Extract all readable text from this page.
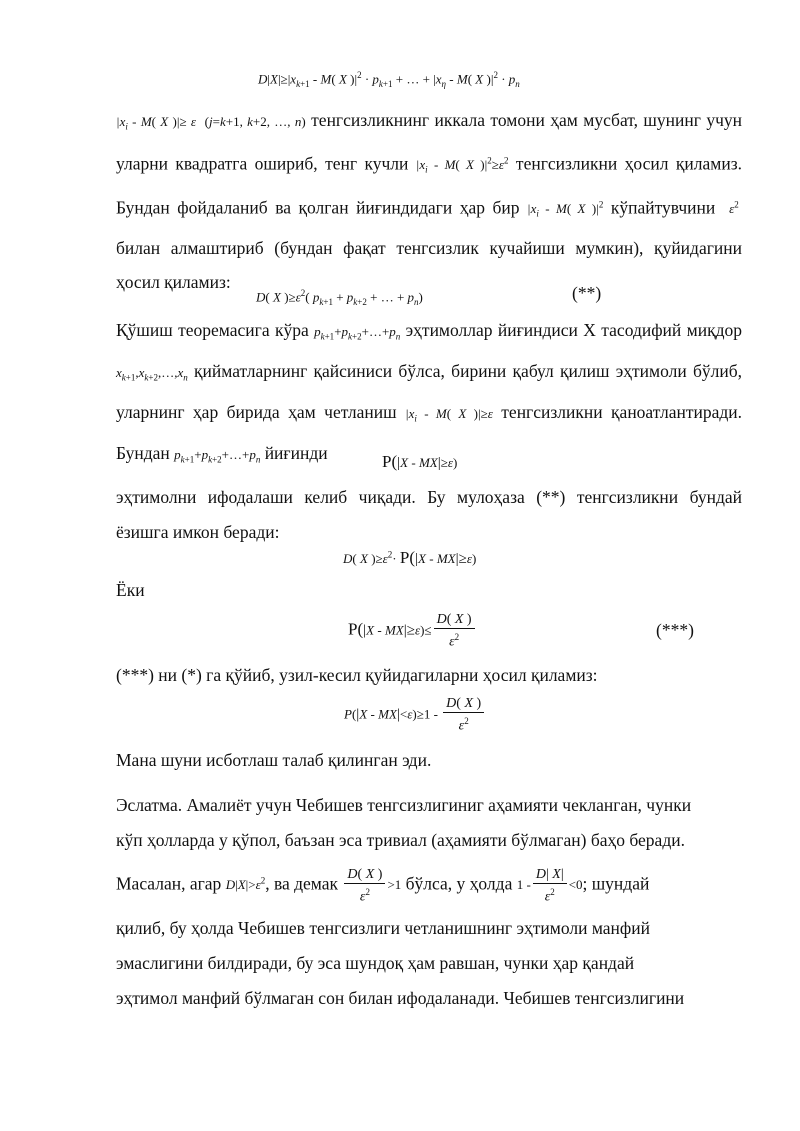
$D|X|\ge|x_{k+1} - M$( X )$|^2 \cdot p_{k+1}$ + … + $|x_\eta - M$( X )$|^2 \cdot p_n$

$|x_i - M$( X )|≥ ε  (j=k+1, k+2, …, n) тенгсизликнинг иккала томони ҳам мусбат, шунинг учун уларни квадратга ошириб, тенг кучли $|x_i - M$( X )$|^2\ge\varepsilon^2$ тенгсизликни ҳосил қиламиз. Бундан фойдаланиб ва қолган йиғиндидаги ҳар бир $|x_i - M$( X )$|^2$ кўпайтувчини  $\varepsilon^2$  билан алмаштириб (бундан фақат тенгсизлик кучайиши мумкин), қуйидагини ҳосил қиламиз:

D( X )$\ge\varepsilon^2$( $p_{k+1} + p_{k+2}$ + … + $p_n$)	(**)

Қўшиш теоремасига кўра $p_{k+1}+p_{k+2}+\dots+p_n$ эҳтимоллар йиғиндиси X тасодифий миқдор $x_{k+1},x_{k+2},\dots,x_n$ қийматларнинг қайсиниси бўлса, бирини қабул қилиш эҳтимоли бўлиб, уларнинг ҳар бирида ҳам четланиш $|x_i - M$( X )|≥ε тенгсизликни қаноатлантиради. Бундан $p_{k+1}+p_{k+2}+\dots+p_n$ йиғинди	P(|X - MX|≥ε)

эҳтимолни ифодалаши келиб чиқади. Бу мулоҳаза (**) тенгсизликни бундай ёзишга имкон беради:

D( X )$\ge\varepsilon^2\cdot P(|X - MX|\ge\varepsilon)$
Ёки
$P(|X - MX|\ge\varepsilon)\le \frac{D( X )}{\varepsilon^2}$	(***)
(***) ни (*) га қўйиб, узил-кесил қуйидагиларни ҳосил қиламиз:
$P(|X - MX|<\varepsilon)\ge 1 - \frac{D( X )}{\varepsilon^2}$
Мана шуни исботлаш талаб қилинган эди.
Эслатма. Амалиёт учун Чебишев тенгсизлигиниг аҳамияти чекланган, чунки
кўп ҳолларда у қўпол, баъзан эса тривиал (аҳамияти бўлмаган) баҳо беради.
Масалан, агар $D|X|>\varepsilon^2$, ва демак $\frac{D( X )}{\varepsilon^2} >1$ бўлса, у ҳолда $1 - \frac{D| X|}{\varepsilon^2} <0$; шундай
қилиб, бу ҳолда Чебишев тенгсизлиги четланишнинг эҳтимоли манфий
эмаслигини билдиради, бу эса шундоқ ҳам равшан, чунки ҳар қандай
эҳтимол манфий бўлмаган сон билан ифодаланади. Чебишев тенгсизлигини
